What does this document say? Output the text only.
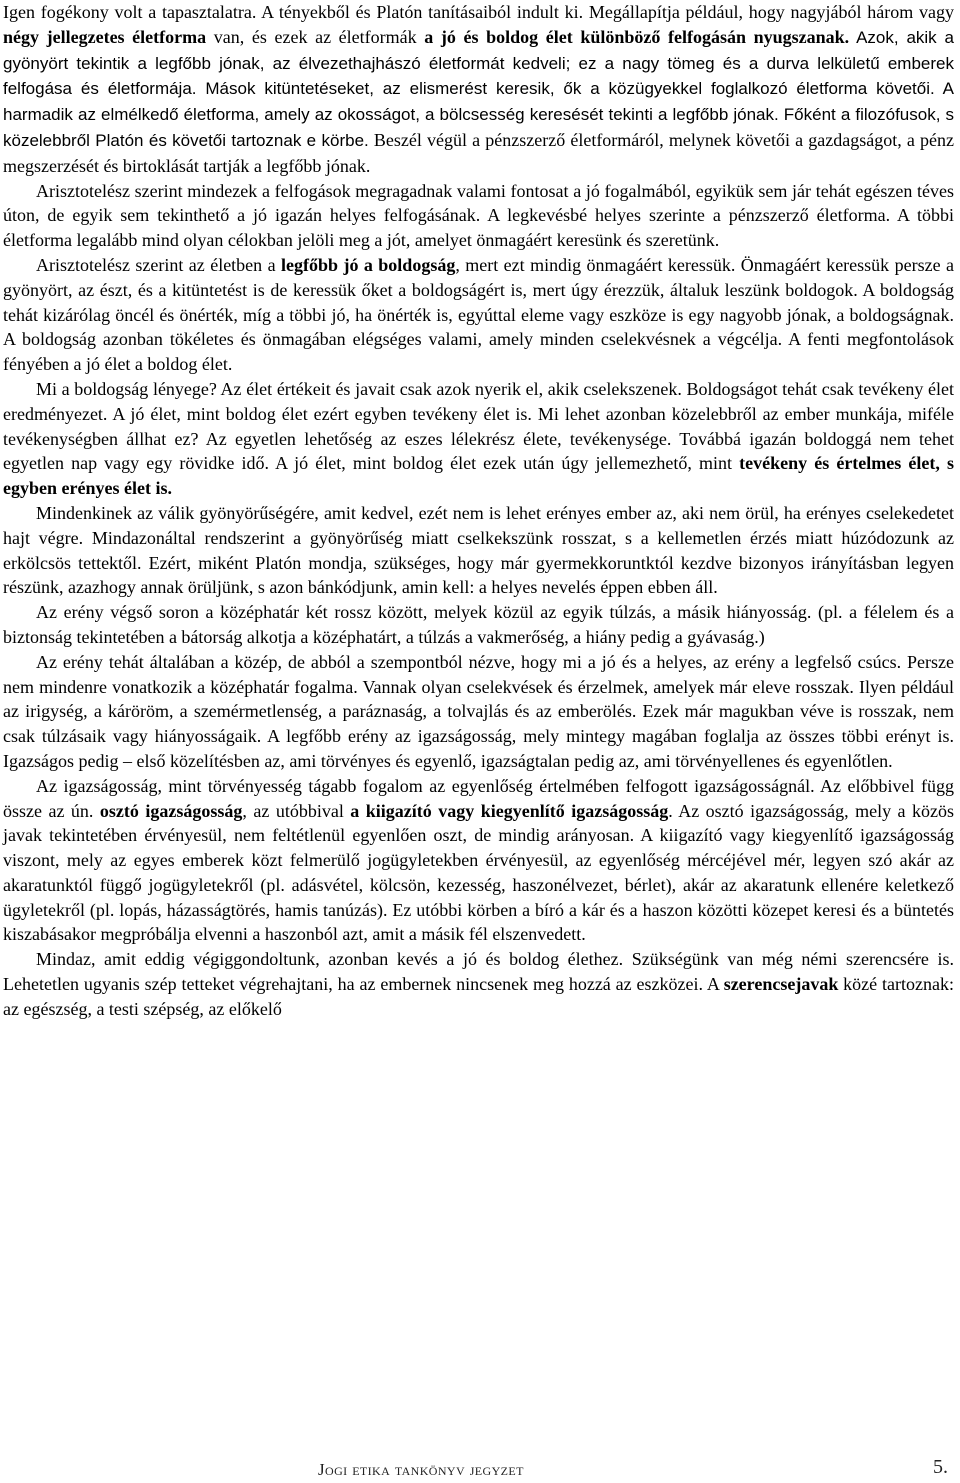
Igen fogékony volt a tapasztalatra. A tényekből és Platón tanításaiból indult ki. Megállapítja például, hogy nagyjából három vagy négy jellegzetes életforma van, és ezek az életformák a jó és boldog élet különböző felfogásán nyugszanak. Azok, akik a gyönyört tekintik a legfőbb jónak, az élvezethajhászó életformát kedveli; ez a nagy tömeg és a durva lelkületű emberek felfogása és életformája. Mások kitüntetéseket, az elismerést keresik, ők a közügyekkel foglalkozó életforma követői. A harmadik az elmélkedő életforma, amely az okosságot, a bölcsesség keresését tekinti a legfőbb jónak. Főként a filozófusok, s közelebbről Platón és követői tartoznak e körbe. Beszél végül a pénzszerző életformáról, melynek követői a gazdagságot, a pénz megszerzését és birtoklását tartják a legfőbb jónak.

Arisztotelész szerint mindezek a felfogások megragadnak valami fontosat a jó fogalmából, egyikük sem jár tehát egészen téves úton, de egyik sem tekinthető a jó igazán helyes felfogásának. A legkevésbé helyes szerinte a pénzszerző életforma. A többi életforma legalább mind olyan célokban jelöli meg a jót, amelyet önmagáért keresünk és szeretünk.

Arisztotelész szerint az életben a legfőbb jó a boldogság, mert ezt mindig önmagáért keressük. Önmagáért keressük persze a gyönyört, az észt, és a kitüntetést is de keressük őket a boldogságért is, mert úgy érezzük, általuk leszünk boldogok. A boldogság tehát kizárólag öncél és önérték, míg a többi jó, ha önérték is, egyúttal eleme vagy eszköze is egy nagyobb jónak, a boldogságnak. A boldogság azonban tökéletes és önmagában elégséges valami, amely minden cselekvésnek a végcélja. A fenti megfontolások fényében a jó élet a boldog élet.

Mi a boldogság lényege? Az élet értékeit és javait csak azok nyerik el, akik cselekszenek. Boldogságot tehát csak tevékeny élet eredményezet. A jó élet, mint boldog élet ezért egyben tevékeny élet is. Mi lehet azonban közelebbről az ember munkája, miféle tevékenységben állhat ez? Az egyetlen lehetőség az eszes lélekrész élete, tevékenysége. Továbbá igazán boldoggá nem tehet egyetlen nap vagy egy rövidke idő. A jó élet, mint boldog élet ezek után úgy jellemezhető, mint tevékeny és értelmes élet, s egyben erényes élet is.

Mindenkinek az válik gyönyörűségére, amit kedvel, ezét nem is lehet erényes ember az, aki nem örül, ha erényes cselekedetet hajt végre. Mindazonáltal rendszerint a gyönyörűség miatt cselkekszünk rosszat, s a kellemetlen érzés miatt húzódozunk az erkölcsös tettektől. Ezért, miként Platón mondja, szükséges, hogy már gyermekkoruntktól kezdve bizonyos irányításban legyen részünk, azazhogy annak örüljünk, s azon bánkódjunk, amin kell: a helyes nevelés éppen ebben áll.

Az erény végső soron a középhatár két rossz között, melyek közül az egyik túlzás, a másik hiányosság. (pl. a félelem és a biztonság tekintetében a bátorság alkotja a középhatárt, a túlzás a vakmerőség, a hiány pedig a gyávaság.)

Az erény tehát általában a közép, de abból a szempontból nézve, hogy mi a jó és a helyes, az erény a legfelső csúcs. Persze nem mindenre vonatkozik a középhatár fogalma. Vannak olyan cselekvések és érzelmek, amelyek már eleve rosszak. Ilyen például az irigység, a káröröm, a szemérmetlenség, a paráznaság, a tolvajlás és az emberölés. Ezek már magukban véve is rosszak, nem csak túlzásaik vagy hiányosságaik. A legfőbb erény az igazságosság, mely mintegy magában foglalja az összes többi erényt is. Igazságos pedig – első közelítésben az, ami törvényes és egyenlő, igazságtalan pedig az, ami törvényellenes és egyenlőtlen.

Az igazságosság, mint törvényesség tágabb fogalom az egyenlőség értelmében felfogott igazságosságnál. Az előbbivel függ össze az ún. osztó igazságosság, az utóbbival a kiigazító vagy kiegyenlítő igazságosság. Az osztó igazságosság, mely a közös javak tekintetében érvényesül, nem feltétlenül egyenlően oszt, de mindig arányosan. A kiigazító vagy kiegyenlítő igazságosság viszont, mely az egyes emberek közt felmerülő jogügyletekben érvényesül, az egyenlőség mércéjével mér, legyen szó akár az akaratunktól függő jogügyletekről (pl. adásvétel, kölcsön, kezesség, haszonélvezet, bérlet), akár az akaratunk ellenére keletkező ügyletekről (pl. lopás, házasságtörés, hamis tanúzás). Ez utóbbi körben a bíró a kár és a haszon közötti közepet keresi és a büntetés kiszabásakor megpróbálja elvenni a haszonból azt, amit a másik fél elszenvedett.

Mindaz, amit eddig végiggondoltunk, azonban kevés a jó és boldog élethez. Szükségünk van még némi szerencsére is. Lehetetlen ugyanis szép tetteket végrehajtani, ha az embernek nincsenek meg hozzá az eszközei. A szerencsejavak közé tartoznak: az egészség, a testi szépség, az előkelő

Jogi etika tankönyv jegyzet	5.
